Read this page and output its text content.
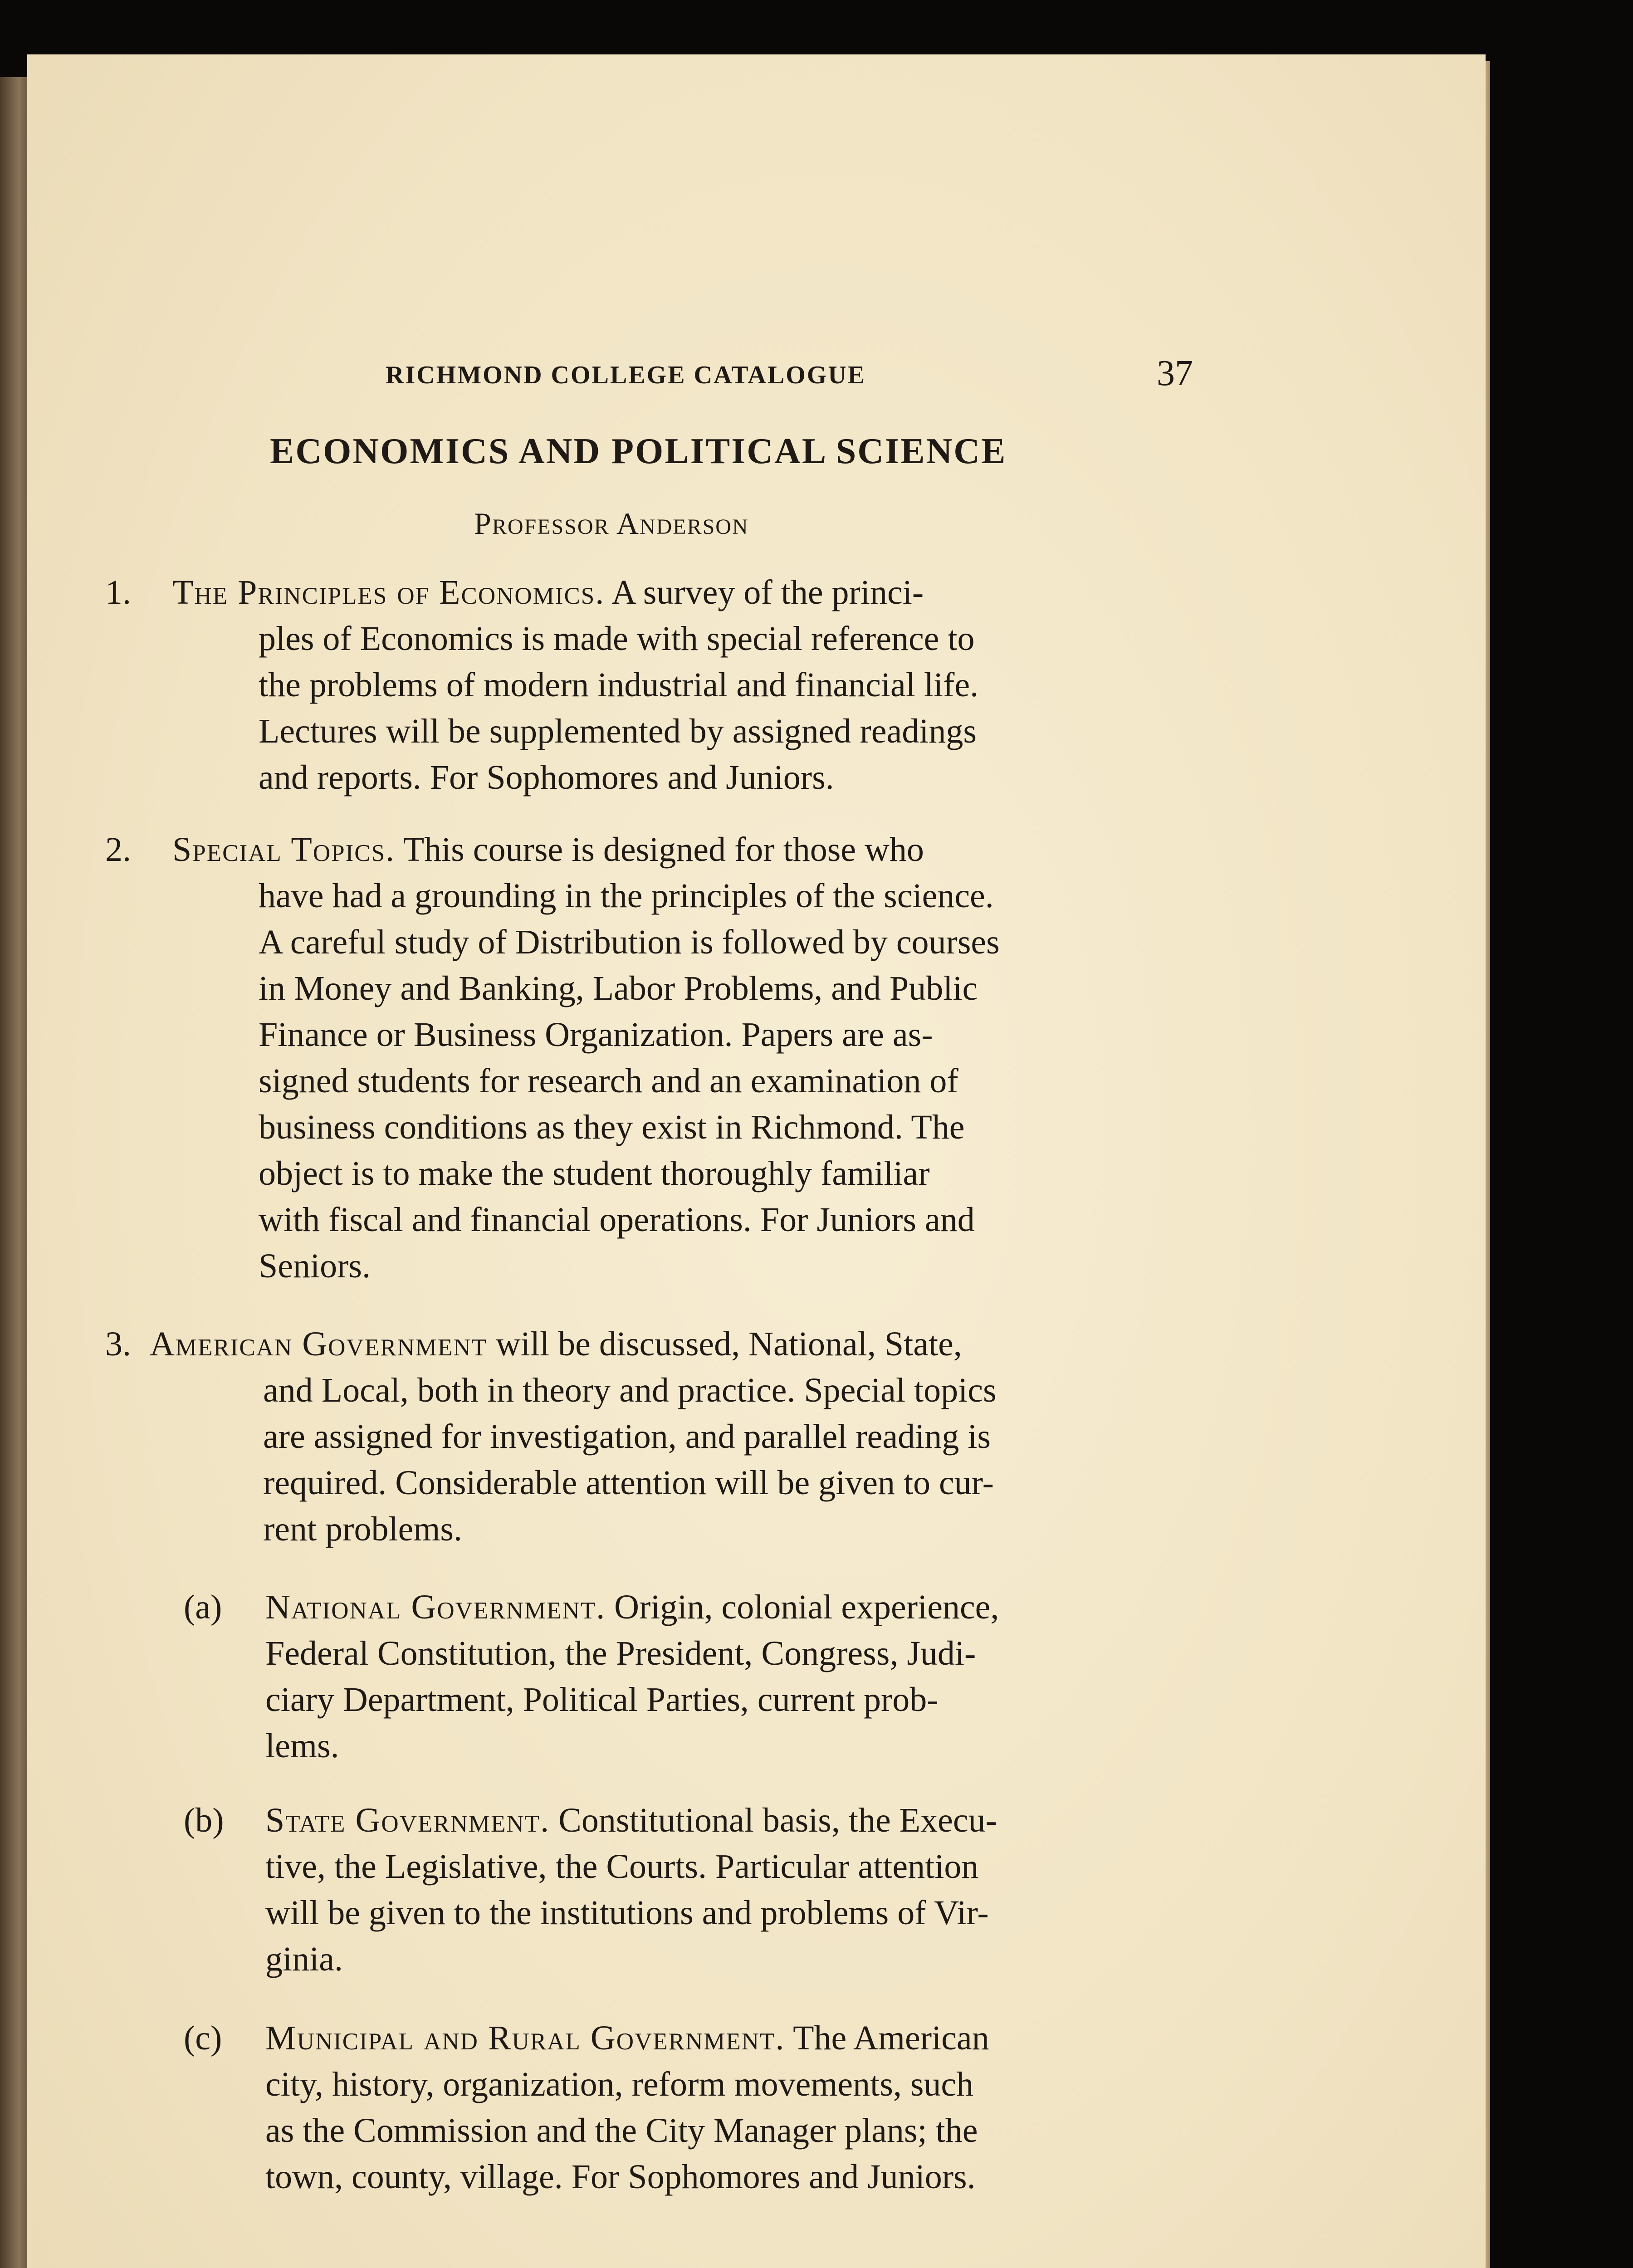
RICHMOND COLLEGE CATALOGUE	37
ECONOMICS AND POLITICAL SCIENCE
Professor Anderson
1. The Principles of Economics. A survey of the princi-
ples of Economics is made with special reference to
the problems of modern industrial and financial life.
Lectures will be supplemented by assigned readings
and reports. For Sophomores and Juniors.
2. Special Topics. This course is designed for those who
have had a grounding in the principles of the science.
A careful study of Distribution is followed by courses
in Money and Banking, Labor Problems, and Public
Finance or Business Organization. Papers are as-
signed students for research and an examination of
business conditions as they exist in Richmond. The
object is to make the student thoroughly familiar
with fiscal and financial operations. For Juniors and
Seniors.
3. American Government will be discussed, National, State,
and Local, both in theory and practice. Special topics
are assigned for investigation, and parallel reading is
required. Considerable attention will be given to cur-
rent problems.
(a) National Government. Origin, colonial experience,
Federal Constitution, the President, Congress, Judi-
ciary Department, Political Parties, current prob-
lems.
(b) State Government. Constitutional basis, the Execu-
tive, the Legislative, the Courts. Particular attention
will be given to the institutions and problems of Vir-
ginia.
(c) Municipal and Rural Government. The American
city, history, organization, reform movements, such
as the Commission and the City Manager plans; the
town, county, village. For Sophomores and Juniors.
